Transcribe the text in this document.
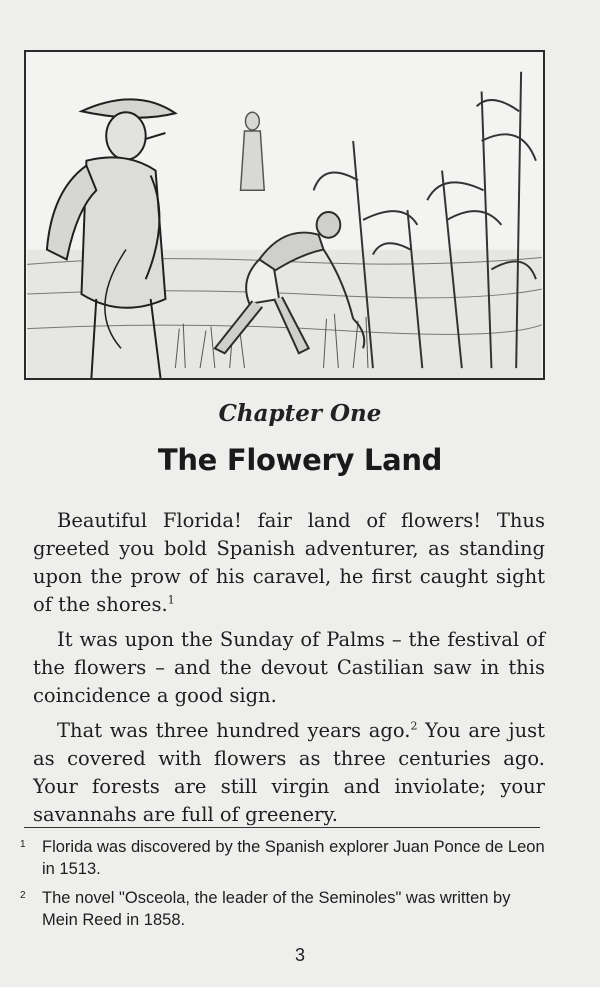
Chapter One
The Flowery Land

Beautiful Florida! fair land of flowers! Thus greeted you bold Spanish adventurer, as standing upon the prow of his caravel, he first caught sight of the shores.$^1$

It was upon the Sunday of Palms – the festival of the flowers – and the devout Castilian saw in this coincidence a good sign.

That was three hundred years ago.$^2$ You are just as covered with flowers as three centuries ago. Your forests are still virgin and inviolate; your savannahs are full of greenery.

1 Florida was discovered by the Spanish explorer Juan Ponce de Leon in 1513.
2 The novel "Osceola, the leader of the Seminoles" was written by Mein Reed in 1858.
3
